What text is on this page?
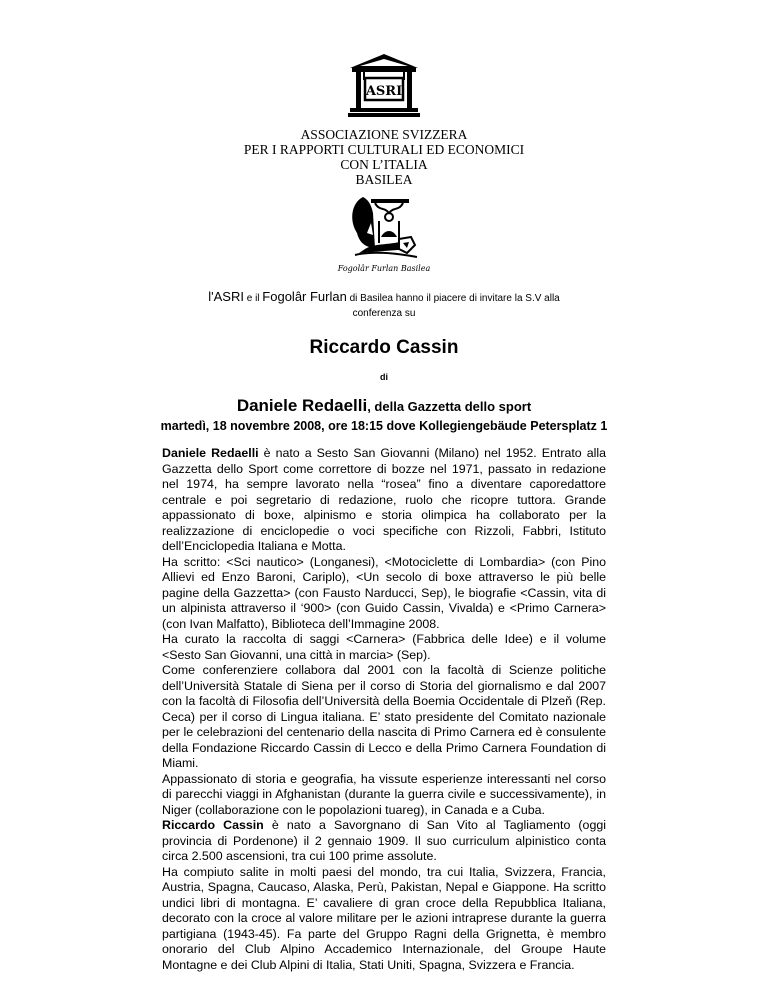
ASRI
ASSOCIAZIONE SVIZZERA
PER I RAPPORTI CULTURALI ED ECONOMICI
CON L’ITALIA
BASILEA
Fogolâr Furlan Basilea
l'ASRI e il Fogolâr Furlan di Basilea hanno il piacere di invitare la S.V alla
conferenza su
Riccardo Cassin
di
Daniele Redaelli, della Gazzetta dello sport
martedì, 18 novembre 2008, ore 18:15 dove Kollegiengebäude Petersplatz 1

Daniele Redaelli è nato a Sesto San Giovanni (Milano) nel 1952. Entrato alla Gazzetta dello Sport come correttore di bozze nel 1971, passato in redazione nel 1974, ha sempre lavorato nella “rosea” fino a diventare caporedattore centrale e poi segretario di redazione, ruolo che ricopre tuttora. Grande appassionato di boxe, alpinismo e storia olimpica ha collaborato per la realizzazione di enciclopedie o voci specifiche con Rizzoli, Fabbri, Istituto dell’Enciclopedia Italiana e Motta.

Ha scritto: <Sci nautico> (Longanesi), <Motociclette di Lombardia> (con Pino Allievi ed Enzo Baroni, Cariplo), <Un secolo di boxe attraverso le più belle pagine della Gazzetta> (con Fausto Narducci, Sep), le biografie <Cassin, vita di un alpinista attraverso il ‘900> (con Guido Cassin, Vivalda) e <Primo Carnera> (con Ivan Malfatto), Biblioteca dell’Immagine 2008.

Ha curato la raccolta di saggi <Carnera> (Fabbrica delle Idee) e il volume <Sesto San Giovanni, una città in marcia> (Sep).

Come conferenziere collabora dal 2001 con la facoltà di Scienze politiche dell’Università Statale di Siena per il corso di Storia del giornalismo e dal 2007 con la facoltà di Filosofia dell’Università della Boemia Occidentale di Plzeň (Rep. Ceca) per il corso di Lingua italiana. E’ stato presidente del Comitato nazionale per le celebrazioni del centenario della nascita di Primo Carnera ed è consulente della Fondazione Riccardo Cassin di Lecco e della Primo Carnera Foundation di Miami.

Appassionato di storia e geografia, ha vissute esperienze interessanti nel corso di parecchi viaggi in Afghanistan (durante la guerra civile e successivamente), in Niger (collaborazione con le popolazioni tuareg), in Canada e a Cuba.

Riccardo Cassin è nato a Savorgnano di San Vito al Tagliamento (oggi provincia di Pordenone) il 2 gennaio 1909. Il suo curriculum alpinistico conta circa 2.500 ascensioni, tra cui 100 prime assolute.

Ha compiuto salite in molti paesi del mondo, tra cui Italia, Svizzera, Francia, Austria, Spagna, Caucaso, Alaska, Perù, Pakistan, Nepal e Giappone. Ha scritto undici libri di montagna. E’ cavaliere di gran croce della Repubblica Italiana, decorato con la croce al valore militare per le azioni intraprese durante la guerra partigiana (1943-45). Fa parte del Gruppo Ragni della Grignetta, è membro onorario del Club Alpino Accademico Internazionale, del Groupe Haute Montagne e dei Club Alpini di Italia, Stati Uniti, Spagna, Svizzera e Francia.
